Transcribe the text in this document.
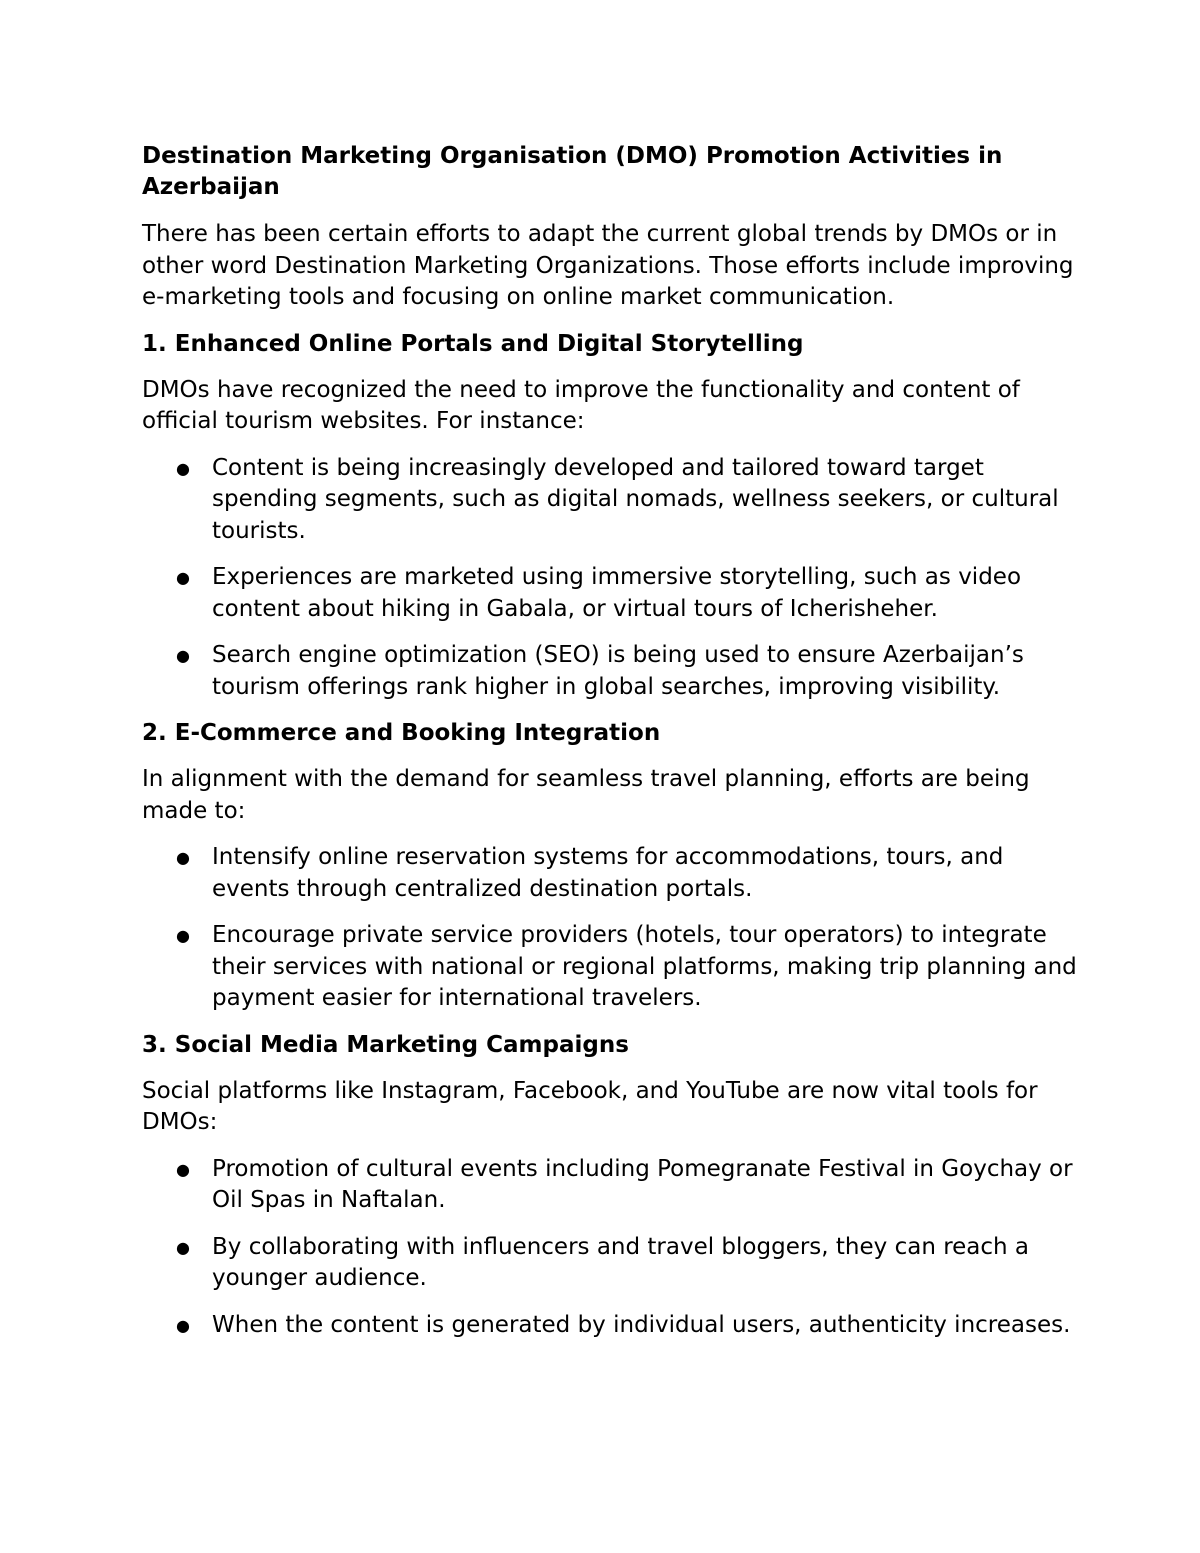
Destination Marketing Organisation (DMO) Promotion Activities in Azerbaijan

There has been certain efforts to adapt the current global trends by DMOs or in other word Destination Marketing Organizations. Those efforts include improving e-marketing tools and focusing on online market communication.

1. Enhanced Online Portals and Digital Storytelling

DMOs have recognized the need to improve the functionality and content of official tourism websites. For instance:

● Content is being increasingly developed and tailored toward target spending segments, such as digital nomads, wellness seekers, or cultural tourists.
● Experiences are marketed using immersive storytelling, such as video content about hiking in Gabala, or virtual tours of Icherisheher.
● Search engine optimization (SEO) is being used to ensure Azerbaijan’s tourism offerings rank higher in global searches, improving visibility.
2. E-Commerce and Booking Integration

In alignment with the demand for seamless travel planning, efforts are being made to:

● Intensify online reservation systems for accommodations, tours, and events through centralized destination portals.
● Encourage private service providers (hotels, tour operators) to integrate their services with national or regional platforms, making trip planning and payment easier for international travelers.
3. Social Media Marketing Campaigns

Social platforms like Instagram, Facebook, and YouTube are now vital tools for DMOs:

● Promotion of cultural events including Pomegranate Festival in Goychay or Oil Spas in Naftalan.
● By collaborating with influencers and travel bloggers, they can reach a younger audience.
● When the content is generated by individual users, authenticity increases.
